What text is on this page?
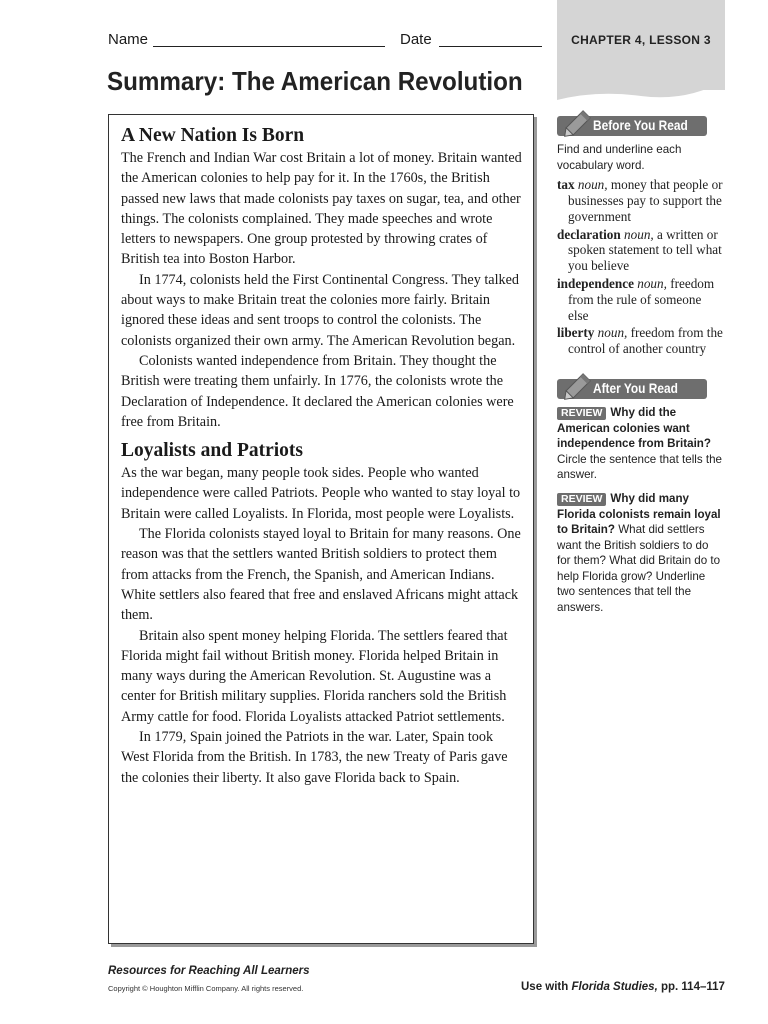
Name	Date	CHAPTER 4, LESSON 3
Summary: The American Revolution
A New Nation Is Born

The French and Indian War cost Britain a lot of money. Britain wanted the American colonies to help pay for it. In the 1760s, the British passed new laws that made colonists pay taxes on sugar, tea, and other things. The colonists complained. They made speeches and wrote letters to newspapers. One group protested by throwing crates of British tea into Boston Harbor.

In 1774, colonists held the First Continental Congress. They talked about ways to make Britain treat the colonies more fairly. Britain ignored these ideas and sent troops to control the colonists. The colonists organized their own army. The American Revolution began.

Colonists wanted independence from Britain. They thought the British were treating them unfairly. In 1776, the colonists wrote the Declaration of Independence. It declared the American colonies were free from Britain.

Loyalists and Patriots

As the war began, many people took sides. People who wanted independence were called Patriots. People who wanted to stay loyal to Britain were called Loyalists. In Florida, most people were Loyalists.

The Florida colonists stayed loyal to Britain for many reasons. One reason was that the settlers wanted British soldiers to protect them from attacks from the French, the Spanish, and American Indians. White settlers also feared that free and enslaved Africans might attack them.

Britain also spent money helping Florida. The settlers feared that Florida might fail without British money. Florida helped Britain in many ways during the American Revolution. St. Augustine was a center for British military supplies. Florida ranchers sold the British Army cattle for food. Florida Loyalists attacked Patriot settlements.

In 1779, Spain joined the Patriots in the war. Later, Spain took West Florida from the British. In 1783, the new Treaty of Paris gave the colonies their liberty. It also gave Florida back to Spain.

Before You Read
Find and underline each vocabulary word.

tax noun, money that people or businesses pay to support the government

declaration noun, a written or spoken statement to tell what you believe

independence noun, freedom from the rule of someone else

liberty noun, freedom from the control of another country

After You Read
REVIEW Why did the American colonies want independence from Britain? Circle the sentence that tells the answer.
REVIEW Why did many Florida colonists remain loyal to Britain? What did settlers want the British soldiers to do for them? What did Britain do to help Florida grow? Underline two sentences that tell the answers.
Resources for Reaching All Learners
Copyright © Houghton Mifflin Company. All rights reserved.	Use with Florida Studies, pp. 114–117
